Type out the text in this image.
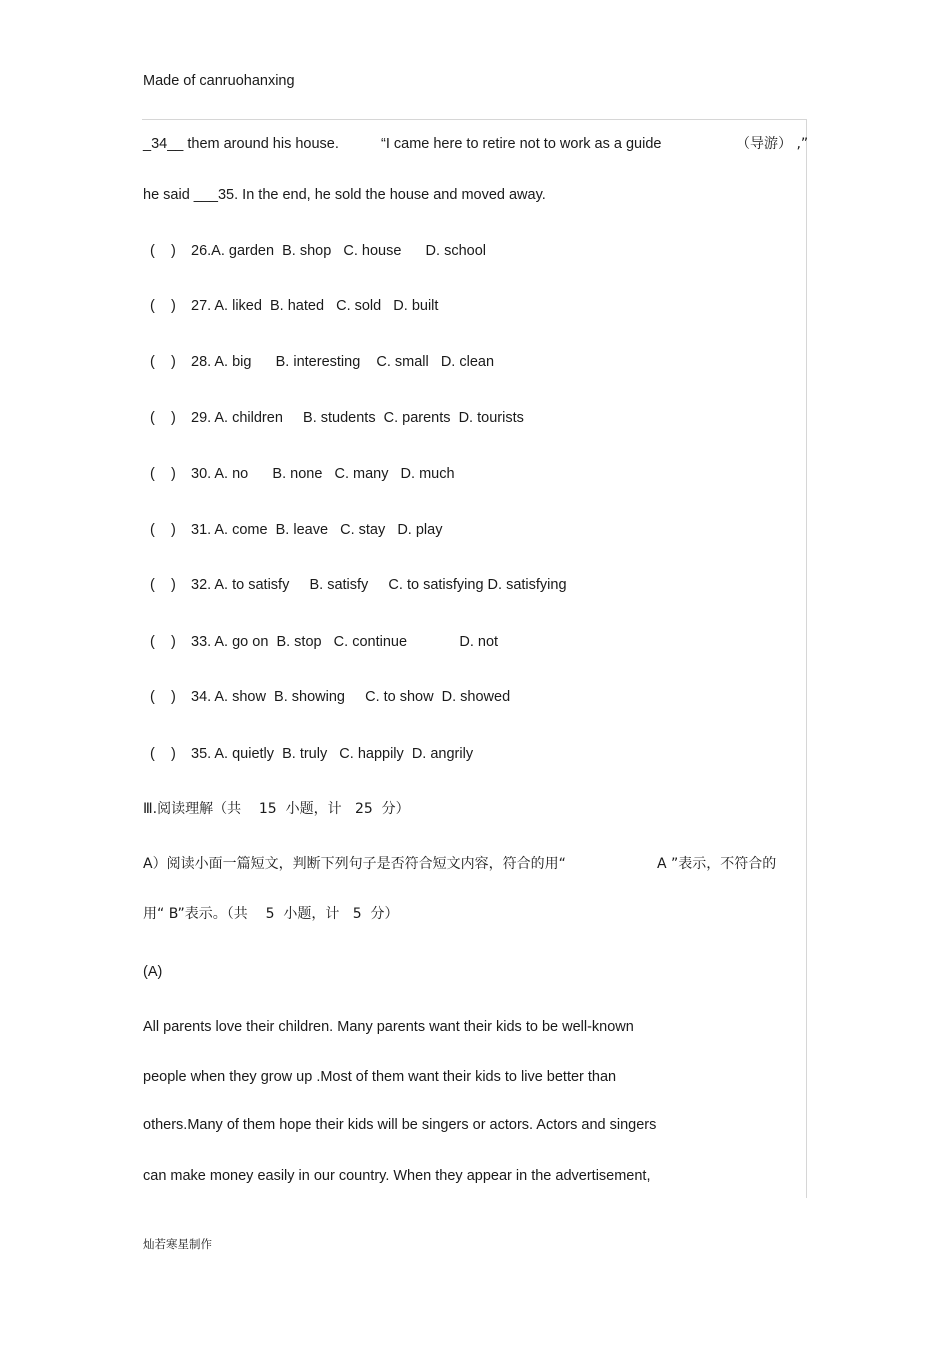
Made of canruohanxing
_34__ them around his house.	“I came here to retire not to work as a guide	（导游） ,”
he said ___35. In the end, he sold the house and moved away.
(    )	26.A. garden  B. shop   C. house      D. school
(    )	27. A. liked  B. hated   C. sold   D. built
(    )	28. A. big      B. interesting    C. small   D. clean
(    )	29. A. children     B. students  C. parents  D. tourists
(    )	30. A. no      B. none   C. many   D. much
(    )	31. A. come  B. leave   C. stay   D. play
(    )	32. A. to satisfy     B. satisfy     C. to satisfying D. satisfying
(    )	33. A. go on  B. stop   C. continue             D. not
(    )	34. A. show  B. showing     C. to show  D. showed
(    )	35. A. quietly  B. truly   C. happily  D. angrily
Ⅲ.阅读理解（共    15  小题，计   25  分）
A）阅读小面一篇短文，判断下列句子是否符合短文内容，符合的用“	A ”表示，不符合的
用“ B”表示。（共    5  小题，计   5  分）
(A)
All parents love their children. Many parents want their kids to be well-known
people when they grow up .Most of them want their kids to live better than
others.Many of them hope their kids will be singers or actors. Actors and singers
can make money easily in our country. When they appear in the advertisement,
灿若寒星制作
